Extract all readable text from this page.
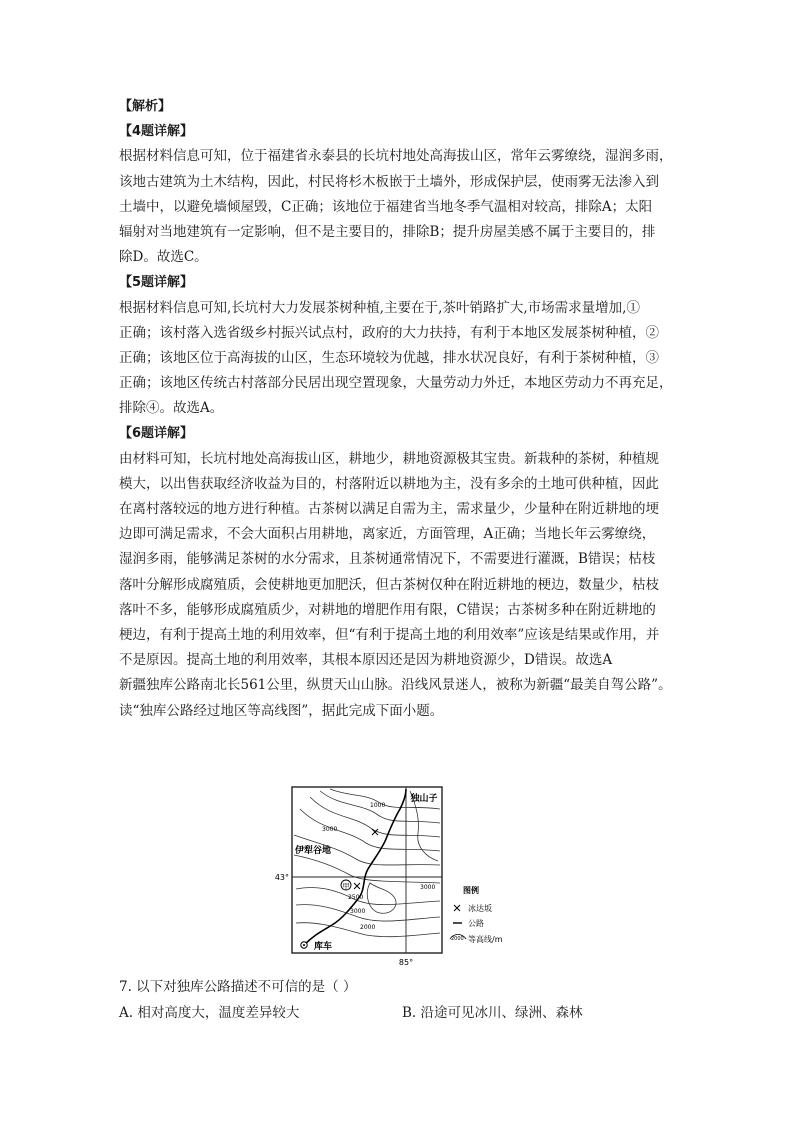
【解析】
【4题详解】
根据材料信息可知，位于福建省永泰县的长坑村地处高海拔山区，常年云雾缭绕，湿润多雨，
该地古建筑为土木结构，因此，村民将杉木板嵌于土墙外，形成保护层，使雨雾无法渗入到
土墙中，以避免墙倾屋毁，C正确；该地位于福建省当地冬季气温相对较高，排除A；太阳
辐射对当地建筑有一定影响，但不是主要目的，排除B；提升房屋美感不属于主要目的，排
除D。故选C。
【5题详解】
根据材料信息可知,长坑村大力发展茶树种植,主要在于,茶叶销路扩大,市场需求量增加,①
正确；该村落入选省级乡村振兴试点村，政府的大力扶持，有利于本地区发展茶树种植，②
正确；该地区位于高海拔的山区，生态环境较为优越，排水状况良好，有利于茶树种植，③
正确；该地区传统古村落部分民居出现空置现象，大量劳动力外迁，本地区劳动力不再充足，
排除④。故选A。
【6题详解】
由材料可知，长坑村地处高海拔山区，耕地少，耕地资源极其宝贵。新栽种的茶树，种植规
模大，以出售获取经济收益为目的，村落附近以耕地为主，没有多余的土地可供种植，因此
在离村落较远的地方进行种植。古茶树以满足自需为主，需求量少，少量种在附近耕地的埂
边即可满足需求，不会大面积占用耕地，离家近，方面管理，A正确；当地长年云雾缭绕，
湿润多雨，能够满足茶树的水分需求，且茶树通常情况下，不需要进行灌溉，B错误；枯枝
落叶分解形成腐殖质，会使耕地更加肥沃，但古茶树仅种在附近耕地的梗边，数量少，枯枝
落叶不多，能够形成腐殖质少，对耕地的增肥作用有限，C错误；古茶树多种在附近耕地的
梗边，有利于提高土地的利用效率，但“有利于提高土地的利用效率”应该是结果或作用，并
不是原因。提高土地的利用效率，其根本原因还是因为耕地资源少，D错误。故选A
新疆独库公路南北长561公里，纵贯天山山脉。沿线风景迷人，被称为新疆“最美自驾公路”。
读“独库公路经过地区等高线图”，据此完成下面小题。
甲
独山子
伊犁谷地
库车
43°
85°
1000
3000
2500
3000
3000
2000
图例
冰达坂
公路
2000 等高线/m
7. 以下对独库公路描述不可信的是（ ）
A. 相对高度大，温度差异较大	B. 沿途可见冰川、绿洲、森林
